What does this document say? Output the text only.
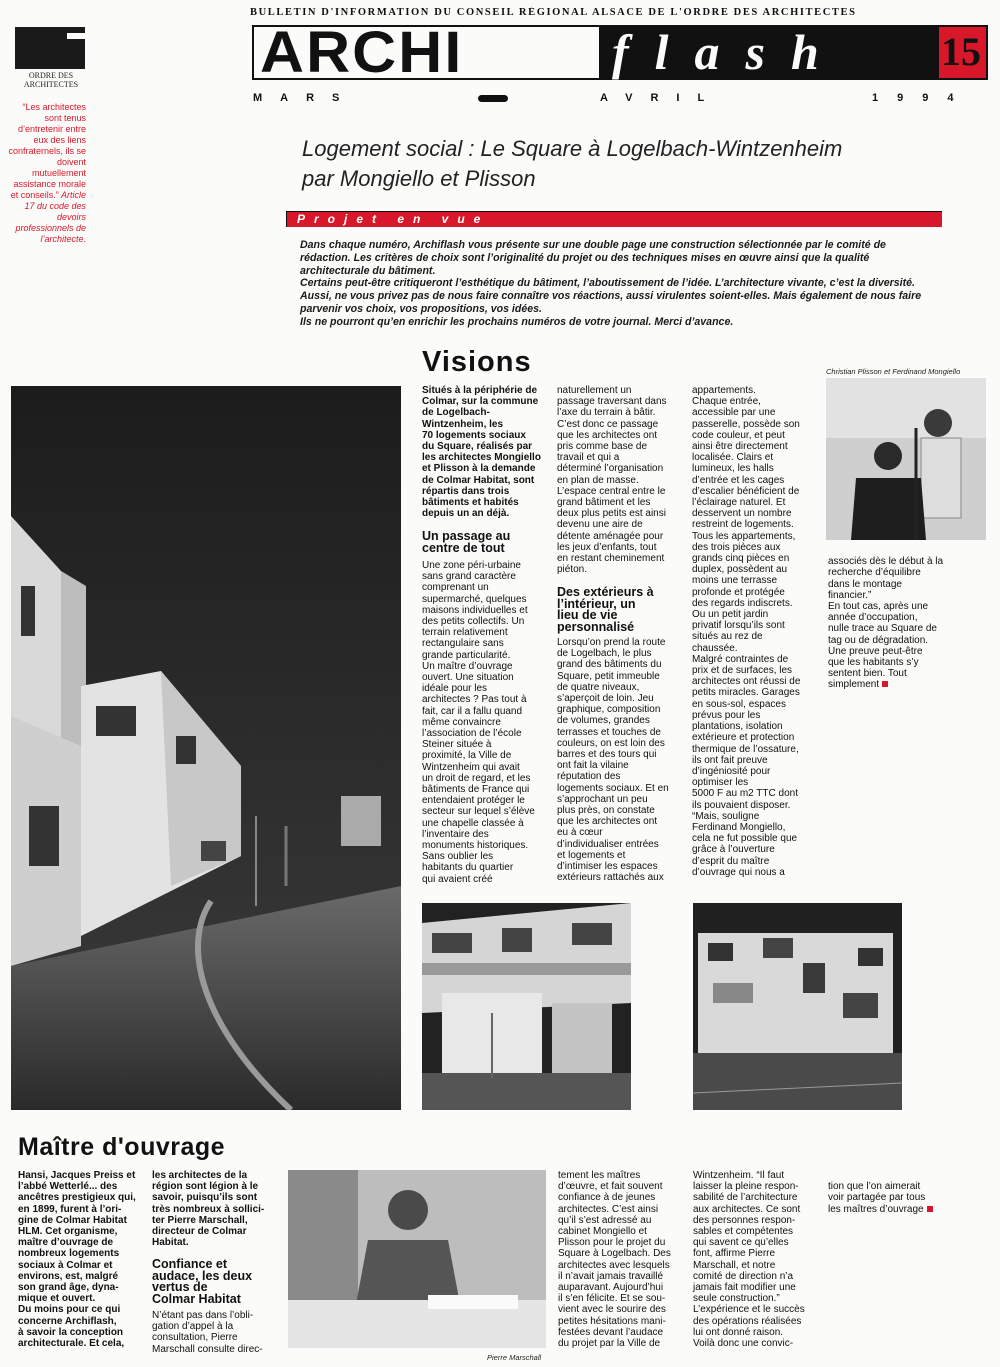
ORDRE DES ARCHITECTES
“Les architectes sont tenus d’entretenir entre eux des liens confraternels, ils se doivent mutuellement assistance morale et conseils.” Article 17 du code des devoirs professionnels de l’architecte.
BULLETIN D'INFORMATION DU CONSEIL RÉGIONAL ALSACE DE L'ORDRE DES ARCHITECTES
ARCHI	flash	15
MARS	AVRIL	1994
Logement social : Le Square à Logelbach-Wintzenheim
par Mongiello et Plisson
Projet en vue
Dans chaque numéro, Archiflash vous présente sur une double page une construction sélectionnée par le comité de
rédaction. Les critères de choix sont l’originalité du projet ou des techniques mises en œuvre ainsi que la qualité
architecturale du bâtiment.
Certains peut-être critiqueront l’esthétique du bâtiment, l’aboutissement de l’idée. L’architecture vivante, c’est la diversité.
Aussi, ne vous privez pas de nous faire connaître vos réactions, aussi virulentes soient-elles. Mais également de nous faire
parvenir vos choix, vos propositions, vos idées.
Ils ne pourront qu’en enrichir les prochains numéros de votre journal. Merci d’avance.
Visions
Situés à la périphérie de
Colmar, sur la commune
de Logelbach-
Wintzenheim, les
70 logements sociaux
du Square, réalisés par
les architectes Mongiello
et Plisson à la demande
de Colmar Habitat, sont
répartis dans trois
bâtiments et habités
depuis un an déjà.
Un passage au
centre de tout
Une zone péri-urbaine
sans grand caractère
comprenant un
supermarché, quelques
maisons individuelles et
des petits collectifs. Un
terrain relativement
rectangulaire sans
grande particularité.
Un maître d’ouvrage
ouvert. Une situation
idéale pour les
architectes ? Pas tout à
fait, car il a fallu quand
même convaincre
l’association de l’école
Steiner située à
proximité, la Ville de
Wintzenheim qui avait
un droit de regard, et les
bâtiments de France qui
entendaient protéger le
secteur sur lequel s’élève
une chapelle classée à
l’inventaire des
monuments historiques.
Sans oublier les
habitants du quartier
qui avaient créé
naturellement un
passage traversant dans
l’axe du terrain à bâtir.
C’est donc ce passage
que les architectes ont
pris comme base de
travail et qui a
déterminé l’organisation
en plan de masse.
L’espace central entre le
grand bâtiment et les
deux plus petits est ainsi
devenu une aire de
détente aménagée pour
les jeux d’enfants, tout
en restant cheminement
piéton.
Des extérieurs à
l’intérieur, un
lieu de vie
personnalisé
Lorsqu’on prend la route
de Logelbach, le plus
grand des bâtiments du
Square, petit immeuble
de quatre niveaux,
s’aperçoit de loin. Jeu
graphique, composition
de volumes, grandes
terrasses et touches de
couleurs, on est loin des
barres et des tours qui
ont fait la vilaine
réputation des
logements sociaux. Et en
s’approchant un peu
plus près, on constate
que les architectes ont
eu à cœur
d’individualiser entrées
et logements et
d’intimiser les espaces
extérieurs rattachés aux
appartements.
Chaque entrée,
accessible par une
passerelle, possède son
code couleur, et peut
ainsi être directement
localisée. Clairs et
lumineux, les halls
d’entrée et les cages
d’escalier bénéficient de
l’éclairage naturel. Et
desservent un nombre
restreint de logements.
Tous les appartements,
des trois pièces aux
grands cinq pièces en
duplex, possèdent au
moins une terrasse
profonde et protégée
des regards indiscrets.
Ou un petit jardin
privatif lorsqu’ils sont
situés au rez de
chaussée.
Malgré contraintes de
prix et de surfaces, les
architectes ont réussi de
petits miracles. Garages
en sous-sol, espaces
prévus pour les
plantations, isolation
extérieure et protection
thermique de l’ossature,
ils ont fait preuve
d’ingéniosité pour
optimiser les
5000 F au m2 TTC dont
ils pouvaient disposer.
“Mais, souligne
Ferdinand Mongiello,
cela ne fut possible que
grâce à l’ouverture
d’esprit du maître
d’ouvrage qui nous a
Christian Plisson et Ferdinand Mongiello

associés dès le début à la
recherche d’équilibre
dans le montage
financier.”
En tout cas, après une
année d’occupation,
nulle trace au Square de
tag ou de dégradation.
Une preuve peut-être
que les habitants s’y
sentent bien. Tout
simplement

Maître d'ouvrage
Hansi, Jacques Preiss et
l’abbé Wetterlé... des
ancêtres prestigieux qui,
en 1899, furent à l’ori-
gine de Colmar Habitat
HLM. Cet organisme,
maître d’ouvrage de
nombreux logements
sociaux à Colmar et
environs, est, malgré
son grand âge, dyna-
mique et ouvert.
Du moins pour ce qui
concerne Archiflash,
à savoir la conception
architecturale. Et cela,
les architectes de la
région sont légion à le
savoir, puisqu’ils sont
très nombreux à sollici-
ter Pierre Marschall,
directeur de Colmar
Habitat.
Confiance et
audace, les deux
vertus de
Colmar Habitat
N’étant pas dans l’obli-
gation d’appel à la
consultation, Pierre
Marschall consulte direc-
Pierre Marschall
tement les maîtres
d’œuvre, et fait souvent
confiance à de jeunes
architectes. C’est ainsi
qu’il s’est adressé au
cabinet Mongiello et
Plisson pour le projet du
Square à Logelbach. Des
architectes avec lesquels
il n’avait jamais travaillé
auparavant. Aujourd’hui
il s’en félicite. Et se sou-
vient avec le sourire des
petites hésitations mani-
festées devant l’audace
du projet par la Ville de
Wintzenheim. “Il faut
laisser la pleine respon-
sabilité de l’architecture
aux architectes. Ce sont
des personnes respon-
sables et compétentes
qui savent ce qu’elles
font, affirme Pierre
Marschall, et notre
comité de direction n’a
jamais fait modifier une
seule construction.”
L’expérience et le succès
des opérations réalisées
lui ont donné raison.
Voilà donc une convic-

tion que l’on aimerait
voir partagée par tous
les maîtres d’ouvrage
